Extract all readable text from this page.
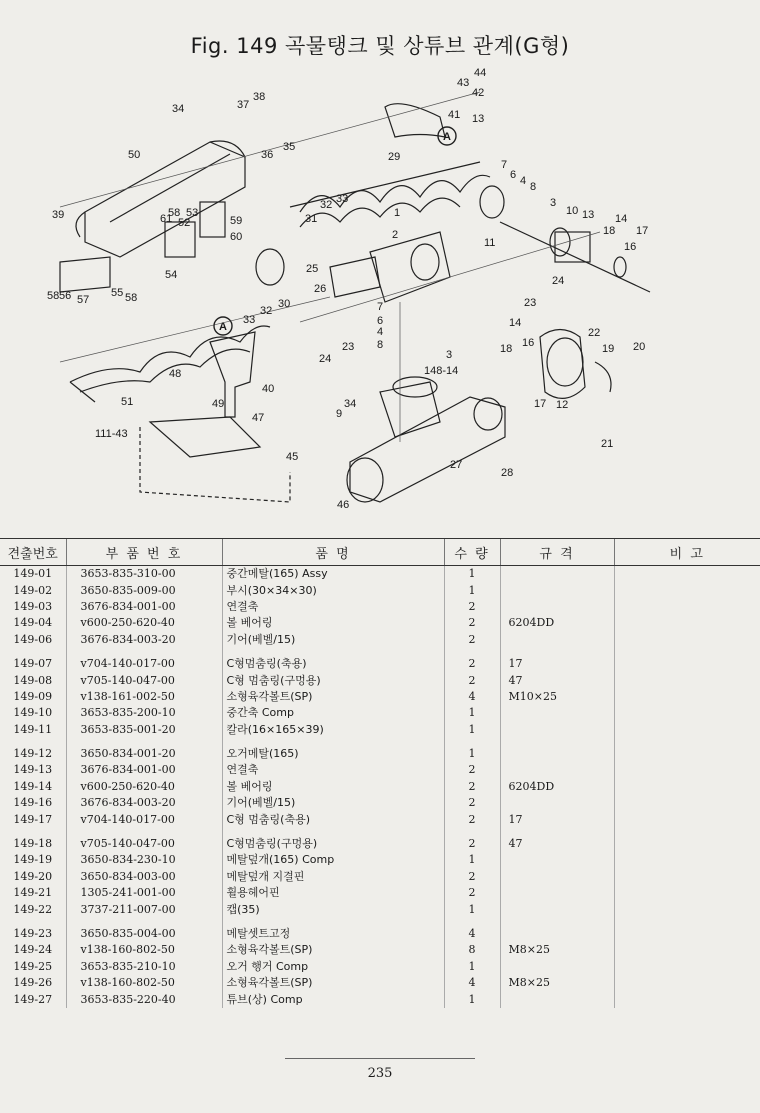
Fig. 149 곡물탱크 및 상튜브 관계(G형)
A
A
44
43
42
41 13
34	37
38
36
35
50	29
7
6 4 8
3
10 13 14
17
18
16
39
32 33
31	1
2
11
61
58 53
52	59
60
54	25
26
24
23
58 56 57
55 58	30
32
33
7
6
4
8
24
23
14
22
19 20
18 16
3
148-14
48
40
49
51	17 12
34
9
47
21
111-43
27
28
45
46
견출번호	부 품 번 호	품 명	수 량	규 격	비 고
149-01	3653-835-310-00	중간메탈(165) Assy	1		
149-02	3650-835-009-00	부시(30×34×30)	1		
149-03	3676-834-001-00	연결축	2		
149-04	v600-250-620-40	볼 베어링	2	6204DD	
149-06	3676-834-003-20	기어(베벨/15)	2		
149-07	v704-140-017-00	C형멈춤링(축용)	2	17	
149-08	v705-140-047-00	C형 멈춤링(구멍용)	2	47	
149-09	v138-161-002-50	소형육각볼트(SP)	4	M10×25	
149-10	3653-835-200-10	중간축 Comp	1		
149-11	3653-835-001-20	칼라(16×165×39)	1		
149-12	3650-834-001-20	오거메탈(165)	1		
149-13	3676-834-001-00	연결축	2		
149-14	v600-250-620-40	볼 베어링	2	6204DD	
149-16	3676-834-003-20	기어(베벨/15)	2		
149-17	v704-140-017-00	C형 멈춤링(축용)	2	17	
149-18	v705-140-047-00	C형멈춤링(구멍용)	2	47	
149-19	3650-834-230-10	메탈덮개(165) Comp	1		
149-20	3650-834-003-00	메탈덮개 지결핀	2		
149-21	1305-241-001-00	휠용헤어핀	2		
149-22	3737-211-007-00	캡(35)	1		
149-23	3650-835-004-00	메탈셋트고정	4		
149-24	v138-160-802-50	소형육각볼트(SP)	8	M8×25	
149-25	3653-835-210-10	오거 행거 Comp	1		
149-26	v138-160-802-50	소형육각볼트(SP)	4	M8×25	
149-27	3653-835-220-40	튜브(상) Comp	1		
235
